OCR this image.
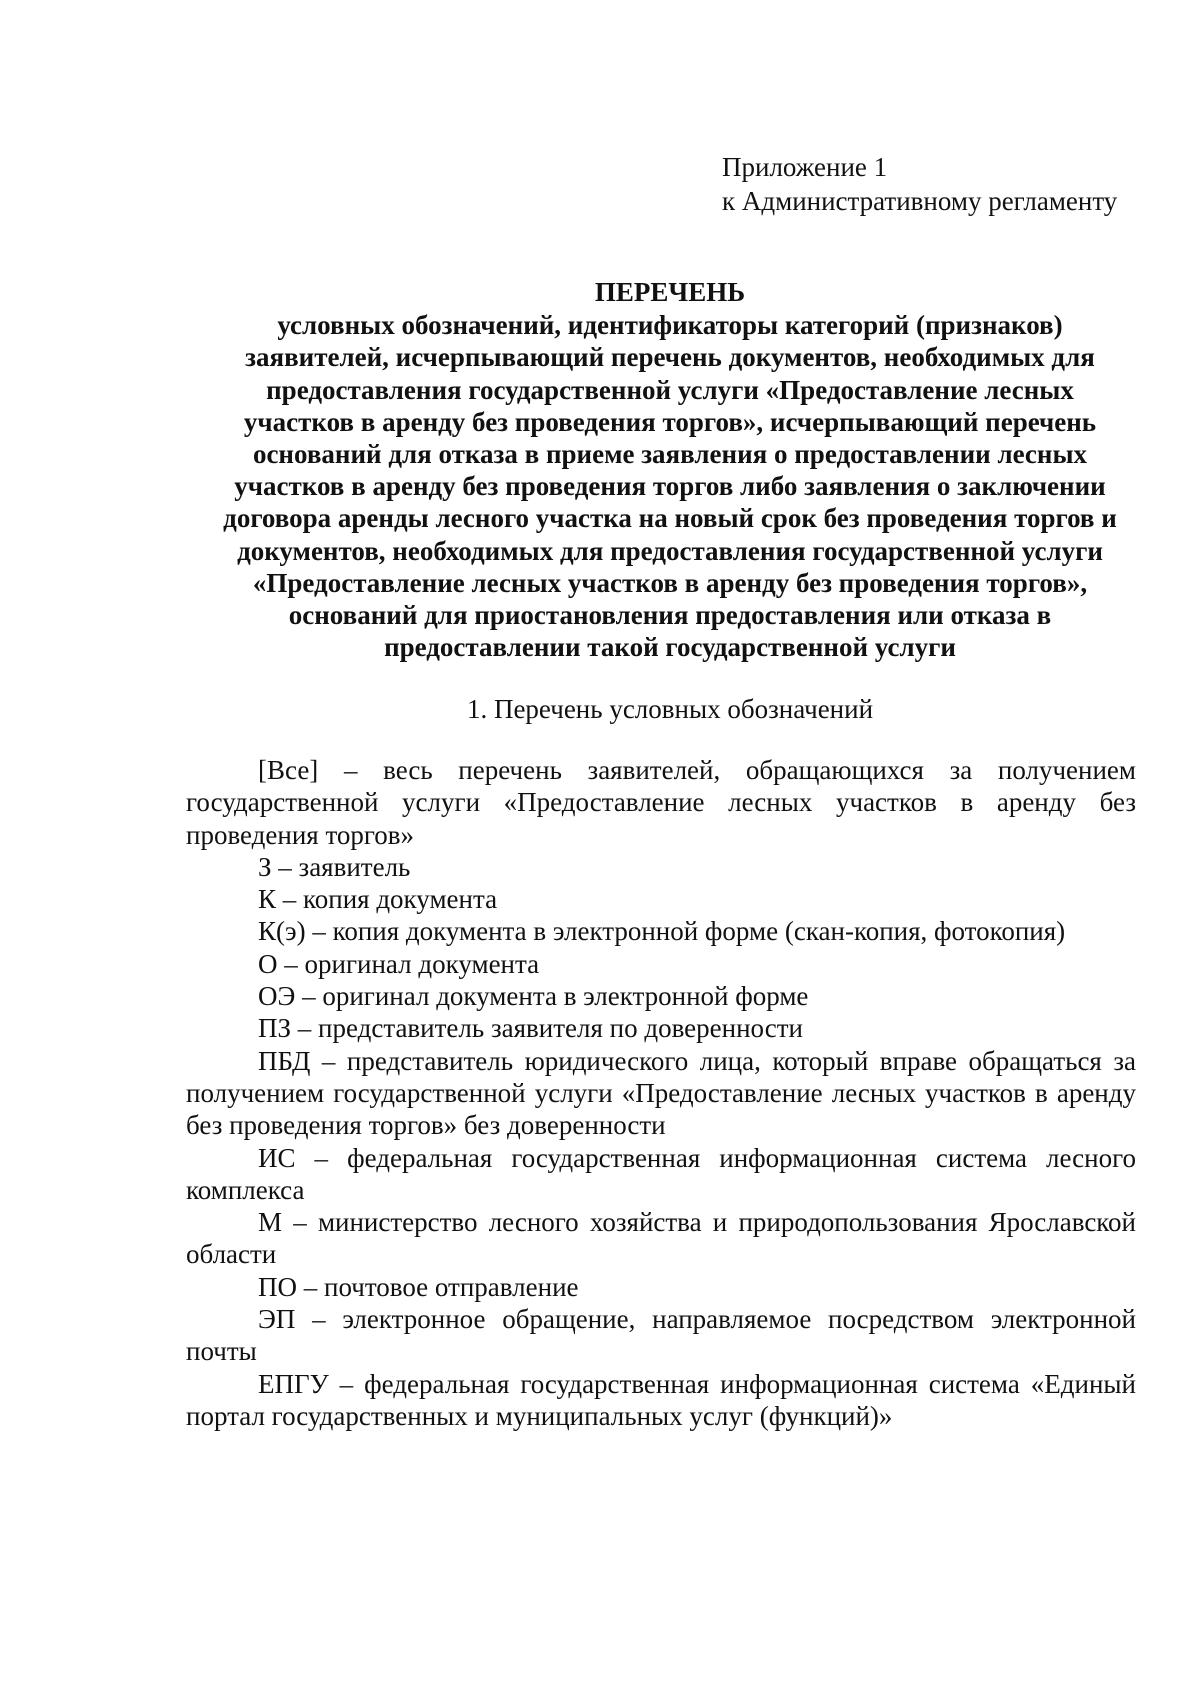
Приложение 1
к Административному регламенту
ПЕРЕЧЕНЬ
условных обозначений, идентификаторы категорий (признаков)
заявителей, исчерпывающий перечень документов, необходимых для
предоставления государственной услуги «Предоставление лесных
участков в аренду без проведения торгов», исчерпывающий перечень
оснований для отказа в приеме заявления о предоставлении лесных
участков в аренду без проведения торгов либо заявления о заключении
договора аренды лесного участка на новый срок без проведения торгов и
документов, необходимых для предоставления государственной услуги
«Предоставление лесных участков в аренду без проведения торгов»,
оснований для приостановления предоставления или отказа в
предоставлении такой государственной услуги
1. Перечень условных обозначений

[Все] – весь перечень заявителей, обращающихся за получением государственной услуги «Предоставление лесных участков в аренду без проведения торгов»

З – заявитель

К – копия документа

К(э) – копия документа в электронной форме (скан-копия, фотокопия)

О – оригинал документа

ОЭ – оригинал документа в электронной форме

ПЗ – представитель заявителя по доверенности

ПБД – представитель юридического лица, который вправе обращаться за получением государственной услуги «Предоставление лесных участков в аренду без проведения торгов» без доверенности

ИС – федеральная государственная информационная система лесного комплекса

М – министерство лесного хозяйства и природопользования Ярославской области

ПО – почтовое отправление

ЭП – электронное обращение, направляемое посредством электронной почты

ЕПГУ – федеральная государственная информационная система «Единый портал государственных и муниципальных услуг (функций)»
